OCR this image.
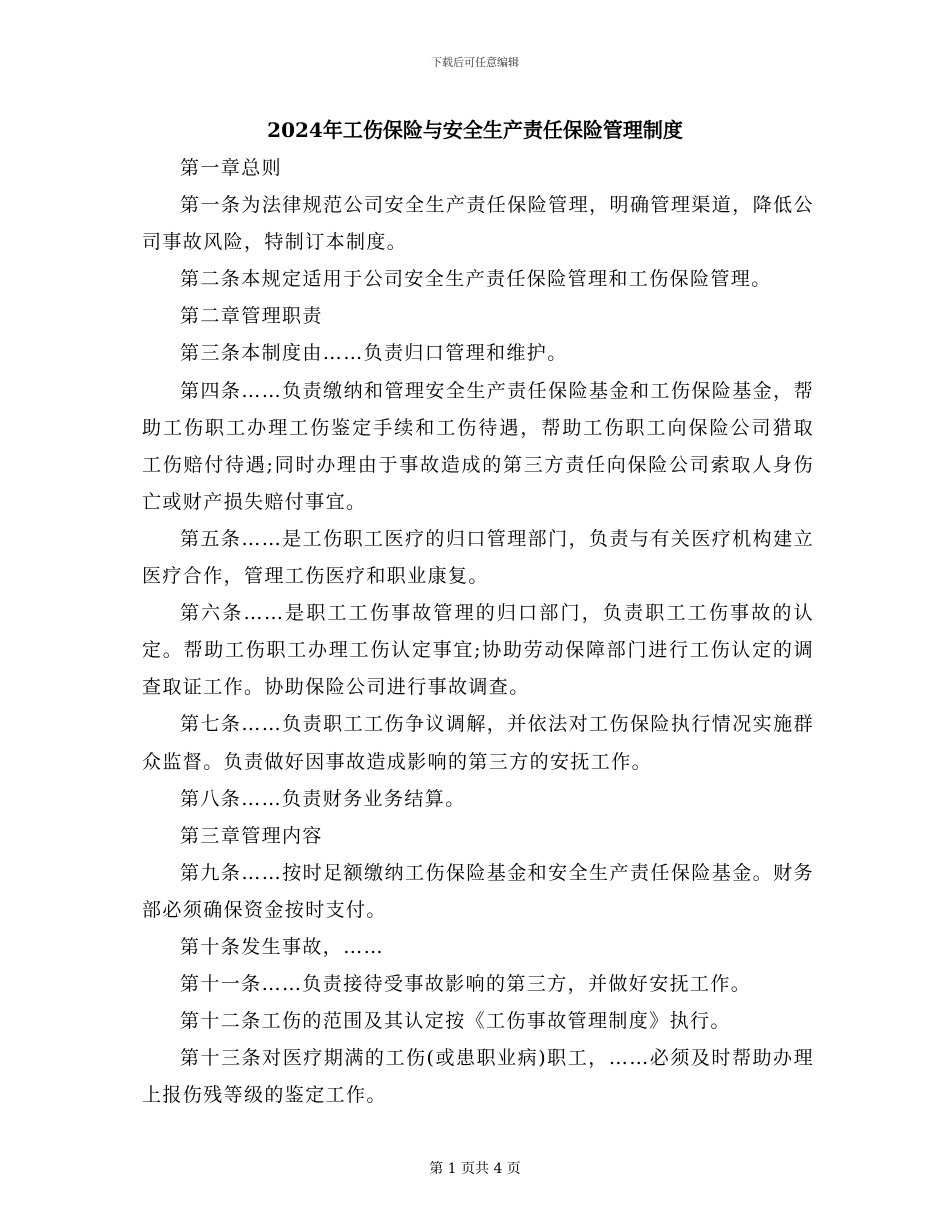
下载后可任意编辑
2024年工伤保险与安全生产责任保险管理制度

第一章总则

第一条为法律规范公司安全生产责任保险管理，明确管理渠道，降低公司事故风险，特制订本制度。

第二条本规定适用于公司安全生产责任保险管理和工伤保险管理。

第二章管理职责

第三条本制度由……负责归口管理和维护。

第四条……负责缴纳和管理安全生产责任保险基金和工伤保险基金，帮助工伤职工办理工伤鉴定手续和工伤待遇，帮助工伤职工向保险公司猎取工伤赔付待遇;同时办理由于事故造成的第三方责任向保险公司索取人身伤亡或财产损失赔付事宜。

第五条……是工伤职工医疗的归口管理部门，负责与有关医疗机构建立医疗合作，管理工伤医疗和职业康复。

第六条……是职工工伤事故管理的归口部门，负责职工工伤事故的认定。帮助工伤职工办理工伤认定事宜;协助劳动保障部门进行工伤认定的调查取证工作。协助保险公司进行事故调查。

第七条……负责职工工伤争议调解，并依法对工伤保险执行情况实施群众监督。负责做好因事故造成影响的第三方的安抚工作。

第八条……负责财务业务结算。

第三章管理内容

第九条……按时足额缴纳工伤保险基金和安全生产责任保险基金。财务部必须确保资金按时支付。

第十条发生事故，……

第十一条……负责接待受事故影响的第三方，并做好安抚工作。

第十二条工伤的范围及其认定按《工伤事故管理制度》执行。

第十三条对医疗期满的工伤(或患职业病)职工，……必须及时帮助办理上报伤残等级的鉴定工作。

第 1 页共 4 页
